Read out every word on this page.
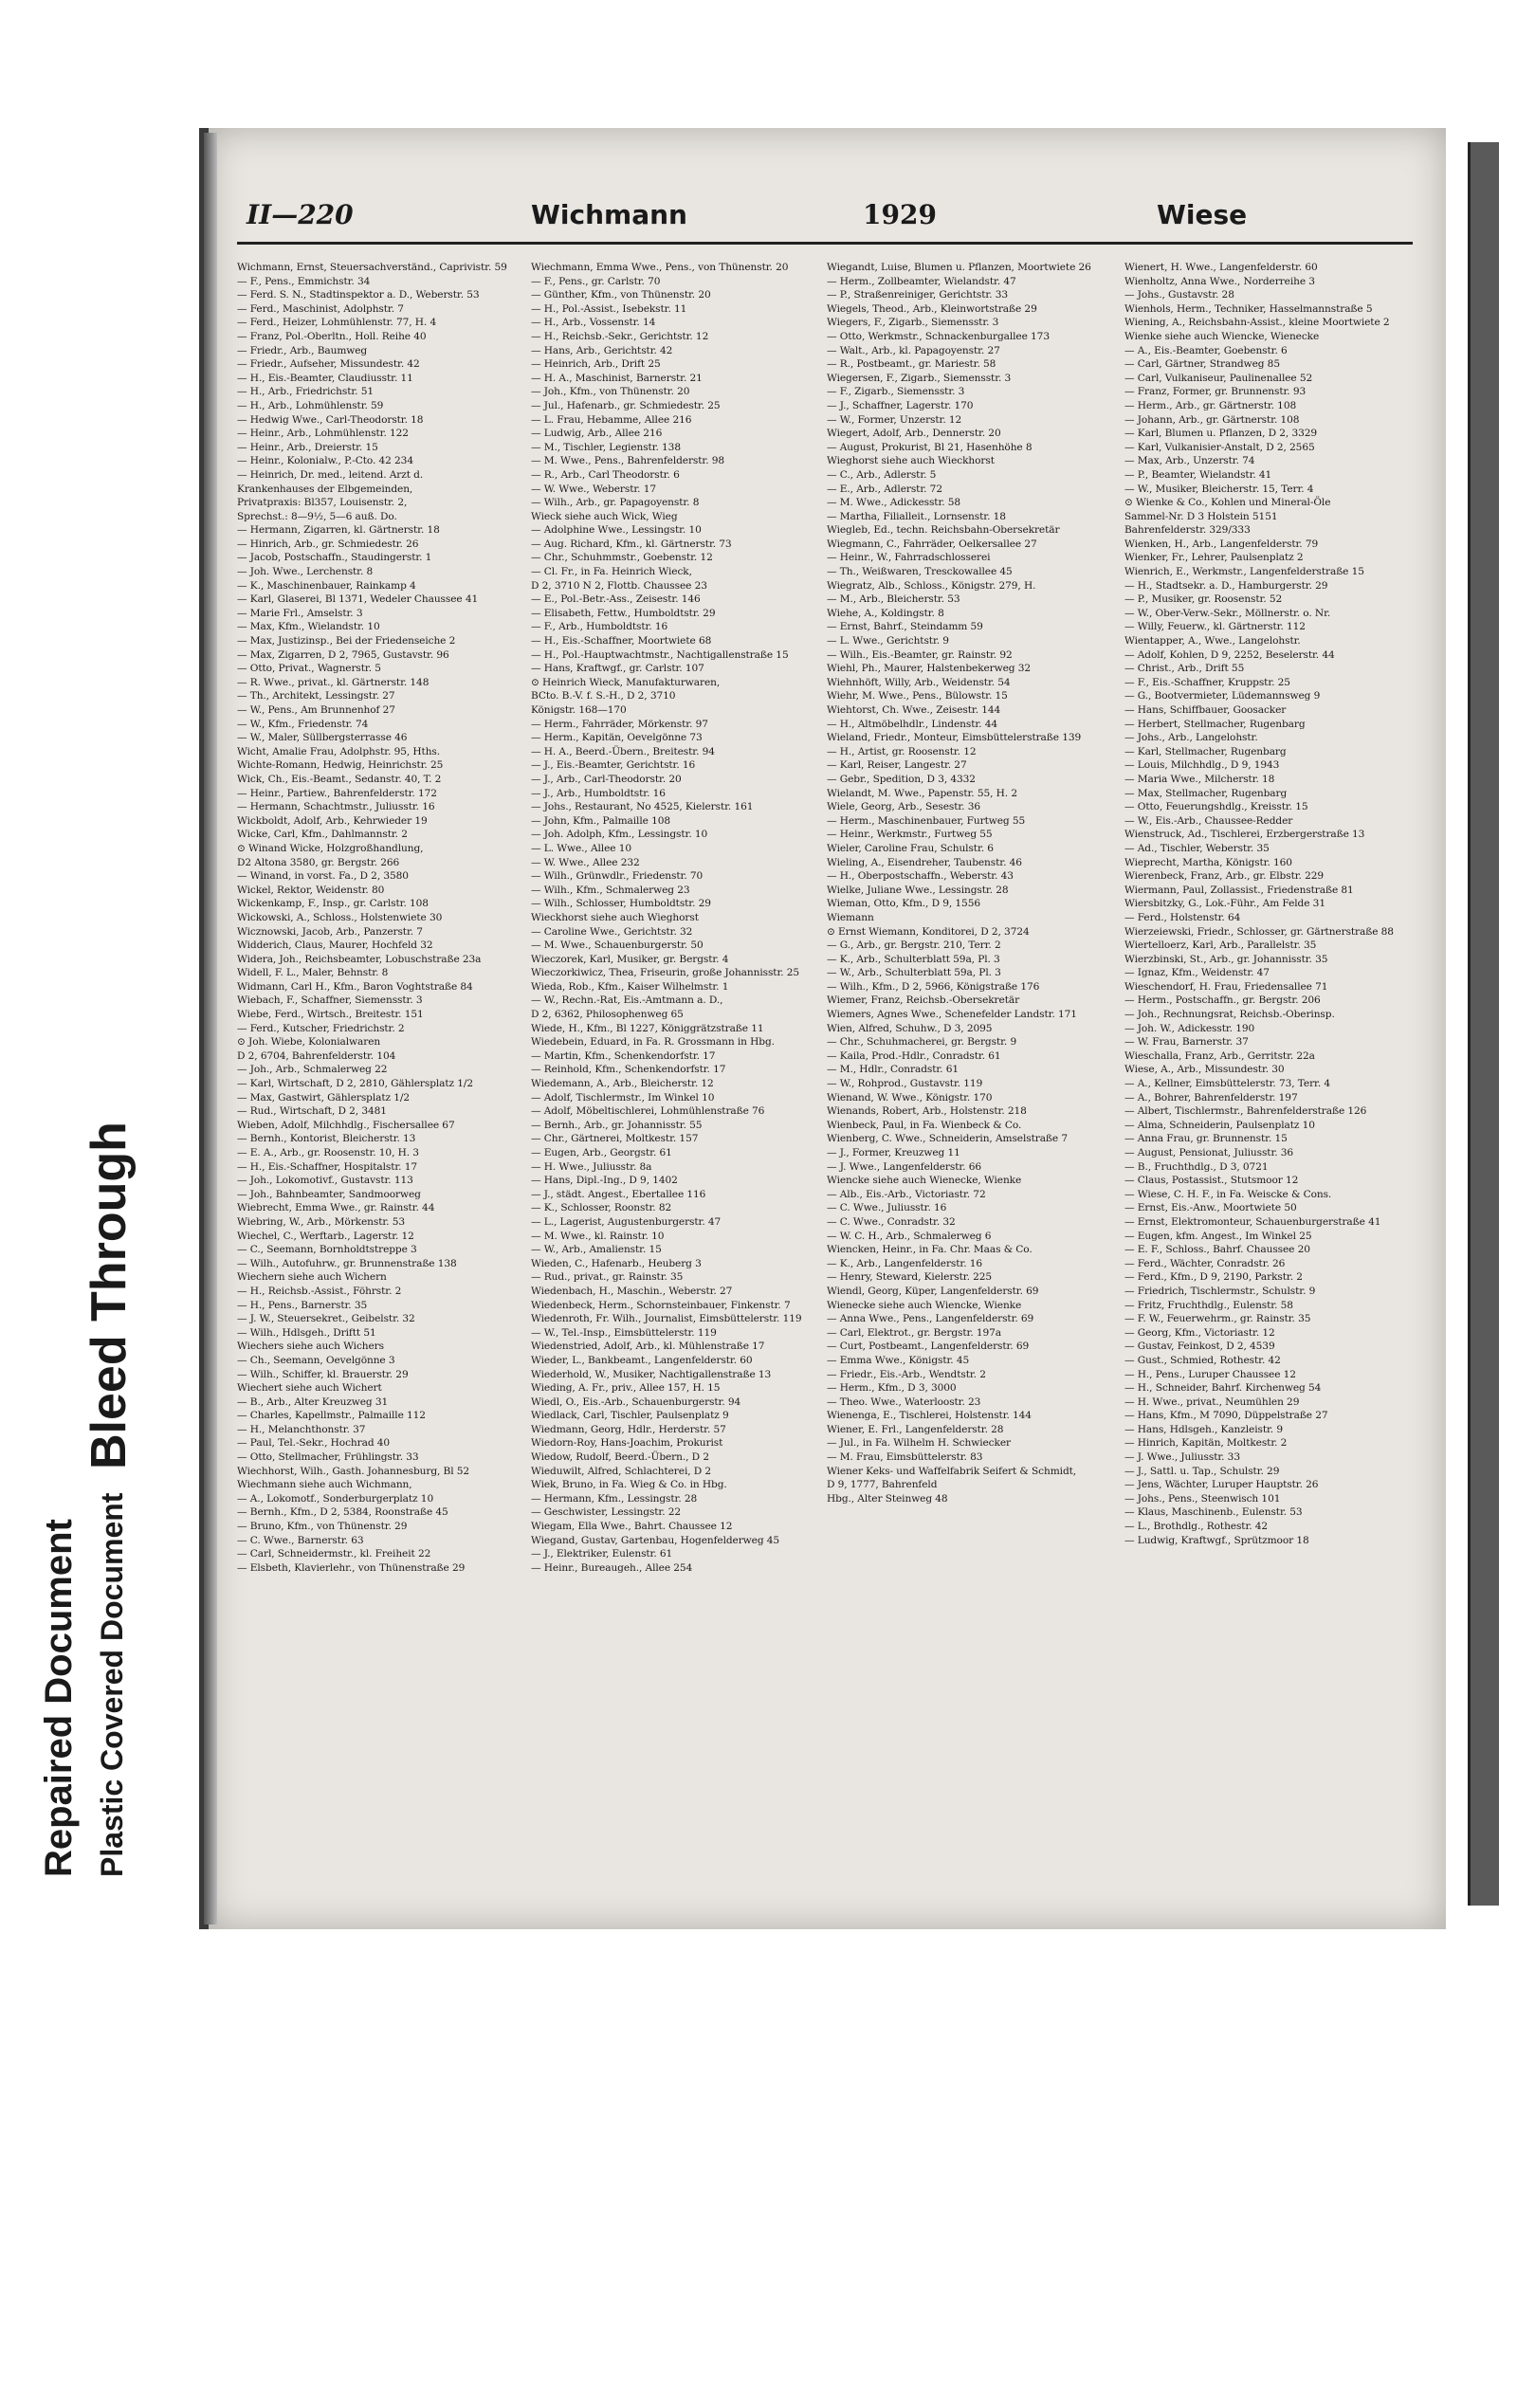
Bleed Through
Repaired Document Plastic Covered Document
II—220	Wichmann	1929	Wiese
Wichmann, Ernst, Steuersachverständ., Caprivistr. 59
— F., Pens., Emmichstr. 34
— Ferd. S. N., Stadtinspektor a. D., Weberstr. 53
— Ferd., Maschinist, Adolphstr. 7
— Ferd., Heizer, Lohmühlenstr. 77, H. 4
— Franz, Pol.-Oberltn., Holl. Reihe 40
— Friedr., Arb., Baumweg
— Friedr., Aufseher, Missundestr. 42
— H., Eis.-Beamter, Claudiusstr. 11
— H., Arb., Friedrichstr. 51
— H., Arb., Lohmühlenstr. 59
— Hedwig Wwe., Carl-Theodorstr. 18
— Heinr., Arb., Lohmühlenstr. 122
— Heinr., Arb., Dreierstr. 15
— Heinr., Kolonialw., P.-Cto. 42 234
— Heinrich, Dr. med., leitend. Arzt d.
Krankenhauses der Elbgemeinden,
Privatpraxis: Bl357, Louisenstr. 2,
Sprechst.: 8—9½, 5—6 auß. Do.
— Hermann, Zigarren, kl. Gärtnerstr. 18
— Hinrich, Arb., gr. Schmiedestr. 26
— Jacob, Postschaffn., Staudingerstr. 1
— Joh. Wwe., Lerchenstr. 8
— K., Maschinenbauer, Rainkamp 4
— Karl, Glaserei, Bl 1371, Wedeler Chaussee 41
— Marie Frl., Amselstr. 3
— Max, Kfm., Wielandstr. 10
— Max, Justizinsp., Bei der Friedenseiche 2
— Max, Zigarren, D 2, 7965, Gustavstr. 96
— Otto, Privat., Wagnerstr. 5
— R. Wwe., privat., kl. Gärtnerstr. 148
— Th., Architekt, Lessingstr. 27
— W., Pens., Am Brunnenhof 27
— W., Kfm., Friedenstr. 74
— W., Maler, Süllbergsterrasse 46
Wicht, Amalie Frau, Adolphstr. 95, Hths.
Wichte-Romann, Hedwig, Heinrichstr. 25
Wick, Ch., Eis.-Beamt., Sedanstr. 40, T. 2
— Heinr., Partiew., Bahrenfelderstr. 172
— Hermann, Schachtmstr., Juliusstr. 16
Wickboldt, Adolf, Arb., Kehrwieder 19
Wicke, Carl, Kfm., Dahlmannstr. 2
⊙ Winand Wicke, Holzgroßhandlung,
D2 Altona 3580, gr. Bergstr. 266
— Winand, in vorst. Fa., D 2, 3580
Wickel, Rektor, Weidenstr. 80
Wickenkamp, F., Insp., gr. Carlstr. 108
Wickowski, A., Schloss., Holstenwiete 30
Wicznowski, Jacob, Arb., Panzerstr. 7
Widderich, Claus, Maurer, Hochfeld 32
Widera, Joh., Reichsbeamter, Lobuschstraße 23a
Widell, F. L., Maler, Behnstr. 8
Widmann, Carl H., Kfm., Baron Voghtstraße 84
Wiebach, F., Schaffner, Siemensstr. 3
Wiebe, Ferd., Wirtsch., Breitestr. 151
— Ferd., Kutscher, Friedrichstr. 2
⊙ Joh. Wiebe, Kolonialwaren
D 2, 6704, Bahrenfelderstr. 104
— Joh., Arb., Schmalerweg 22
— Karl, Wirtschaft, D 2, 2810, Gählersplatz 1/2
— Max, Gastwirt, Gählersplatz 1/2
— Rud., Wirtschaft, D 2, 3481
Wieben, Adolf, Milchhdlg., Fischersallee 67
— Bernh., Kontorist, Bleicherstr. 13
— E. A., Arb., gr. Roosenstr. 10, H. 3
— H., Eis.-Schaffner, Hospitalstr. 17
— Joh., Lokomotivf., Gustavstr. 113
— Joh., Bahnbeamter, Sandmoorweg
Wiebrecht, Emma Wwe., gr. Rainstr. 44
Wiebring, W., Arb., Mörkenstr. 53
Wiechel, C., Werftarb., Lagerstr. 12
— C., Seemann, Bornholdtstreppe 3
— Wilh., Autofuhrw., gr. Brunnenstraße 138
Wiechern siehe auch Wichern
— H., Reichsb.-Assist., Föhrstr. 2
— H., Pens., Barnerstr. 35
— J. W., Steuersekret., Geibelstr. 32
— Wilh., Hdlsgeh., Driftt 51
Wiechers siehe auch Wichers
— Ch., Seemann, Oevelgönne 3
— Wilh., Schiffer, kl. Brauerstr. 29
Wiechert siehe auch Wichert
— B., Arb., Alter Kreuzweg 31
— Charles, Kapellmstr., Palmaille 112
— H., Melanchthonstr. 37
— Paul, Tel.-Sekr., Hochrad 40
— Otto, Stellmacher, Frühlingstr. 33
Wiechhorst, Wilh., Gasth. Johannesburg, Bl 52
Wiechmann siehe auch Wichmann,
— A., Lokomotf., Sonderburgerplatz 10
— Bernh., Kfm., D 2, 5384, Roonstraße 45
— Bruno, Kfm., von Thünenstr. 29
— C. Wwe., Barnerstr. 63
— Carl, Schneidermstr., kl. Freiheit 22
— Elsbeth, Klavierlehr., von Thünenstraße 29
Wiechmann, Emma Wwe., Pens., von Thünenstr. 20
— F., Pens., gr. Carlstr. 70
— Günther, Kfm., von Thünenstr. 20
— H., Pol.-Assist., Isebekstr. 11
— H., Arb., Vossenstr. 14
— H., Reichsb.-Sekr., Gerichtstr. 12
— Hans, Arb., Gerichtstr. 42
— Heinrich, Arb., Drift 25
— H. A., Maschinist, Barnerstr. 21
— Joh., Kfm., von Thünenstr. 20
— Jul., Hafenarb., gr. Schmiedestr. 25
— L. Frau, Hebamme, Allee 216
— Ludwig, Arb., Allee 216
— M., Tischler, Legienstr. 138
— M. Wwe., Pens., Bahrenfelderstr. 98
— R., Arb., Carl Theodorstr. 6
— W. Wwe., Weberstr. 17
— Wilh., Arb., gr. Papagoyenstr. 8
Wieck siehe auch Wick, Wieg
— Adolphine Wwe., Lessingstr. 10
— Aug. Richard, Kfm., kl. Gärtnerstr. 73
— Chr., Schuhmmstr., Goebenstr. 12
— Cl. Fr., in Fa. Heinrich Wieck,
D 2, 3710 N 2, Flottb. Chaussee 23
— E., Pol.-Betr.-Ass., Zeisestr. 146
— Elisabeth, Fettw., Humboldtstr. 29
— F., Arb., Humboldtstr. 16
— H., Eis.-Schaffner, Moortwiete 68
— H., Pol.-Hauptwachtmstr., Nachtigallenstraße 15
— Hans, Kraftwgf., gr. Carlstr. 107
⊙ Heinrich Wieck, Manufakturwaren,
BCto. B.-V. f. S.-H., D 2, 3710
Königstr. 168—170
— Herm., Fahrräder, Mörkenstr. 97
— Herm., Kapitän, Oevelgönne 73
— H. A., Beerd.-Übern., Breitestr. 94
— J., Eis.-Beamter, Gerichtstr. 16
— J., Arb., Carl-Theodorstr. 20
— J., Arb., Humboldtstr. 16
— Johs., Restaurant, No 4525, Kielerstr. 161
— John, Kfm., Palmaille 108
— Joh. Adolph, Kfm., Lessingstr. 10
— L. Wwe., Allee 10
— W. Wwe., Allee 232
— Wilh., Grünwdlr., Friedenstr. 70
— Wilh., Kfm., Schmalerweg 23
— Wilh., Schlosser, Humboldtstr. 29
Wieckhorst siehe auch Wieghorst
— Caroline Wwe., Gerichtstr. 32
— M. Wwe., Schauenburgerstr. 50
Wieczorek, Karl, Musiker, gr. Bergstr. 4
Wieczorkiwicz, Thea, Friseurin, große Johannisstr. 25
Wieda, Rob., Kfm., Kaiser Wilhelmstr. 1
— W., Rechn.-Rat, Eis.-Amtmann a. D.,
D 2, 6362, Philosophenweg 65
Wiede, H., Kfm., Bl 1227, Königgrätzstraße 11
Wiedebein, Eduard, in Fa. R. Grossmann in Hbg.
— Martin, Kfm., Schenkendorfstr. 17
— Reinhold, Kfm., Schenkendorfstr. 17
Wiedemann, A., Arb., Bleicherstr. 12
— Adolf, Tischlermstr., Im Winkel 10
— Adolf, Möbeltischlerei, Lohmühlenstraße 76
— Bernh., Arb., gr. Johannisstr. 55
— Chr., Gärtnerei, Moltkestr. 157
— Eugen, Arb., Georgstr. 61
— H. Wwe., Juliusstr. 8a
— Hans, Dipl.-Ing., D 9, 1402
— J., städt. Angest., Ebertallee 116
— K., Schlosser, Roonstr. 82
— L., Lagerist, Augustenburgerstr. 47
— M. Wwe., kl. Rainstr. 10
— W., Arb., Amalienstr. 15
Wieden, C., Hafenarb., Heuberg 3
— Rud., privat., gr. Rainstr. 35
Wiedenbach, H., Maschin., Weberstr. 27
Wiedenbeck, Herm., Schornsteinbauer, Finkenstr. 7
Wiedenroth, Fr. Wilh., Journalist, Eimsbüttelerstr. 119
— W., Tel.-Insp., Eimsbüttelerstr. 119
Wiedenstried, Adolf, Arb., kl. Mühlenstraße 17
Wieder, L., Bankbeamt., Langenfelderstr. 60
Wiederhold, W., Musiker, Nachtigallenstraße 13
Wieding, A. Fr., priv., Allee 157, H. 15
Wiedl, O., Eis.-Arb., Schauenburgerstr. 94
Wiedlack, Carl, Tischler, Paulsenplatz 9
Wiedmann, Georg, Hdlr., Herderstr. 57
Wiedorn-Roy, Hans-Joachim, Prokurist
Wiedow, Rudolf, Beerd.-Übern., D 2
Wieduwilt, Alfred, Schlachterei, D 2
Wiek, Bruno, in Fa. Wieg & Co. in Hbg.
— Hermann, Kfm., Lessingstr. 28
— Geschwister, Lessingstr. 22
Wiegam, Ella Wwe., Bahrt. Chaussee 12
Wiegand, Gustav, Gartenbau, Hogenfelderweg 45
— J., Elektriker, Eulenstr. 61
— Heinr., Bureaugeh., Allee 254
Wiegandt, Luise, Blumen u. Pflanzen, Moortwiete 26
— Herm., Zollbeamter, Wielandstr. 47
— P., Straßenreiniger, Gerichtstr. 33
Wiegels, Theod., Arb., Kleinwortstraße 29
Wiegers, F., Zigarb., Siemensstr. 3
— Otto, Werkmstr., Schnackenburgallee 173
— Walt., Arb., kl. Papagoyenstr. 27
— R., Postbeamt., gr. Mariestr. 58
Wiegersen, F., Zigarb., Siemensstr. 3
— F., Zigarb., Siemensstr. 3
— J., Schaffner, Lagerstr. 170
— W., Former, Unzerstr. 12
Wiegert, Adolf, Arb., Dennerstr. 20
— August, Prokurist, Bl 21, Hasenhöhe 8
Wieghorst siehe auch Wieckhorst
— C., Arb., Adlerstr. 5
— E., Arb., Adlerstr. 72
— M. Wwe., Adickesstr. 58
— Martha, Filialleit., Lornsenstr. 18
Wiegleb, Ed., techn. Reichsbahn-Obersekretär
Wiegmann, C., Fahrräder, Oelkersallee 27
— Heinr., W., Fahrradschlosserei
— Th., Weißwaren, Tresckowallee 45
Wiegratz, Alb., Schloss., Königstr. 279, H.
— M., Arb., Bleicherstr. 53
Wiehe, A., Koldingstr. 8
— Ernst, Bahrf., Steindamm 59
— L. Wwe., Gerichtstr. 9
— Wilh., Eis.-Beamter, gr. Rainstr. 92
Wiehl, Ph., Maurer, Halstenbekerweg 32
Wiehnhöft, Willy, Arb., Weidenstr. 54
Wiehr, M. Wwe., Pens., Bülowstr. 15
Wiehtorst, Ch. Wwe., Zeisestr. 144
— H., Altmöbelhdlr., Lindenstr. 44
Wieland, Friedr., Monteur, Eimsbüttelerstraße 139
— H., Artist, gr. Roosenstr. 12
— Karl, Reiser, Langestr. 27
— Gebr., Spedition, D 3, 4332
Wielandt, M. Wwe., Papenstr. 55, H. 2
Wiele, Georg, Arb., Sesestr. 36
— Herm., Maschinenbauer, Furtweg 55
— Heinr., Werkmstr., Furtweg 55
Wieler, Caroline Frau, Schulstr. 6
Wieling, A., Eisendreher, Taubenstr. 46
— H., Oberpostschaffn., Weberstr. 43
Wielke, Juliane Wwe., Lessingstr. 28
Wieman, Otto, Kfm., D 9, 1556
Wiemann
⊙ Ernst Wiemann, Konditorei, D 2, 3724
— G., Arb., gr. Bergstr. 210, Terr. 2
— K., Arb., Schulterblatt 59a, Pl. 3
— W., Arb., Schulterblatt 59a, Pl. 3
— Wilh., Kfm., D 2, 5966, Königstraße 176
Wiemer, Franz, Reichsb.-Obersekretär
Wiemers, Agnes Wwe., Schenefelder Landstr. 171
Wien, Alfred, Schuhw., D 3, 2095
— Chr., Schuhmacherei, gr. Bergstr. 9
— Kaila, Prod.-Hdlr., Conradstr. 61
— M., Hdlr., Conradstr. 61
— W., Rohprod., Gustavstr. 119
Wienand, W. Wwe., Königstr. 170
Wienands, Robert, Arb., Holstenstr. 218
Wienbeck, Paul, in Fa. Wienbeck & Co.
Wienberg, C. Wwe., Schneiderin, Amselstraße 7
— J., Former, Kreuzweg 11
— J. Wwe., Langenfelderstr. 66
Wiencke siehe auch Wienecke, Wienke
— Alb., Eis.-Arb., Victoriastr. 72
— C. Wwe., Juliusstr. 16
— C. Wwe., Conradstr. 32
— W. C. H., Arb., Schmalerweg 6
Wiencken, Heinr., in Fa. Chr. Maas & Co.
— K., Arb., Langenfelderstr. 16
— Henry, Steward, Kielerstr. 225
Wiendl, Georg, Küper, Langenfelderstr. 69
Wienecke siehe auch Wiencke, Wienke
— Anna Wwe., Pens., Langenfelderstr. 69
— Carl, Elektrot., gr. Bergstr. 197a
— Curt, Postbeamt., Langenfelderstr. 69
— Emma Wwe., Königstr. 45
— Friedr., Eis.-Arb., Wendtstr. 2
— Herm., Kfm., D 3, 3000
— Theo. Wwe., Waterloostr. 23
Wienenga, E., Tischlerei, Holstenstr. 144
Wiener, E. Frl., Langenfelderstr. 28
— Jul., in Fa. Wilhelm H. Schwiecker
— M. Frau, Eimsbüttelerstr. 83
Wiener Keks- und Waffelfabrik Seifert & Schmidt,
D 9, 1777, Bahrenfeld
Hbg., Alter Steinweg 48
Wienert, H. Wwe., Langenfelderstr. 60
Wienholtz, Anna Wwe., Norderreihe 3
— Johs., Gustavstr. 28
Wienhols, Herm., Techniker, Hasselmannstraße 5
Wiening, A., Reichsbahn-Assist., kleine Moortwiete 2
Wienke siehe auch Wiencke, Wienecke
— A., Eis.-Beamter, Goebenstr. 6
— Carl, Gärtner, Strandweg 85
— Carl, Vulkaniseur, Paulinenallee 52
— Franz, Former, gr. Brunnenstr. 93
— Herm., Arb., gr. Gärtnerstr. 108
— Johann, Arb., gr. Gärtnerstr. 108
— Karl, Blumen u. Pflanzen, D 2, 3329
— Karl, Vulkanisier-Anstalt, D 2, 2565
— Max, Arb., Unzerstr. 74
— P., Beamter, Wielandstr. 41
— W., Musiker, Bleicherstr. 15, Terr. 4
⊙ Wienke & Co., Kohlen und Mineral-Öle
Sammel-Nr. D 3 Holstein 5151
Bahrenfelderstr. 329/333
Wienken, H., Arb., Langenfelderstr. 79
Wienker, Fr., Lehrer, Paulsenplatz 2
Wienrich, E., Werkmstr., Langenfelderstraße 15
— H., Stadtsekr. a. D., Hamburgerstr. 29
— P., Musiker, gr. Roosenstr. 52
— W., Ober-Verw.-Sekr., Möllnerstr. o. Nr.
— Willy, Feuerw., kl. Gärtnerstr. 112
Wientapper, A., Wwe., Langelohstr.
— Adolf, Kohlen, D 9, 2252, Beselerstr. 44
— Christ., Arb., Drift 55
— F., Eis.-Schaffner, Kruppstr. 25
— G., Bootvermieter, Lüdemannsweg 9
— Hans, Schiffbauer, Goosacker
— Herbert, Stellmacher, Rugenbarg
— Johs., Arb., Langelohstr.
— Karl, Stellmacher, Rugenbarg
— Louis, Milchhdlg., D 9, 1943
— Maria Wwe., Milcherstr. 18
— Max, Stellmacher, Rugenbarg
— Otto, Feuerungshdlg., Kreisstr. 15
— W., Eis.-Arb., Chaussee-Redder
Wienstruck, Ad., Tischlerei, Erzbergerstraße 13
— Ad., Tischler, Weberstr. 35
Wieprecht, Martha, Königstr. 160
Wierenbeck, Franz, Arb., gr. Elbstr. 229
Wiermann, Paul, Zollassist., Friedenstraße 81
Wiersbitzky, G., Lok.-Führ., Am Felde 31
— Ferd., Holstenstr. 64
Wierzeiewski, Friedr., Schlosser, gr. Gärtnerstraße 88
Wiertelloerz, Karl, Arb., Parallelstr. 35
Wierzbinski, St., Arb., gr. Johannisstr. 35
— Ignaz, Kfm., Weidenstr. 47
Wieschendorf, H. Frau, Friedensallee 71
— Herm., Postschaffn., gr. Bergstr. 206
— Joh., Rechnungsrat, Reichsb.-Oberinsp.
— Joh. W., Adickesstr. 190
— W. Frau, Barnerstr. 37
Wieschalla, Franz, Arb., Gerritstr. 22a
Wiese, A., Arb., Missundestr. 30
— A., Kellner, Eimsbüttelerstr. 73, Terr. 4
— A., Bohrer, Bahrenfelderstr. 197
— Albert, Tischlermstr., Bahrenfelderstraße 126
— Alma, Schneiderin, Paulsenplatz 10
— Anna Frau, gr. Brunnenstr. 15
— August, Pensionat, Juliusstr. 36
— B., Fruchthdlg., D 3, 0721
— Claus, Postassist., Stutsmoor 12
— Wiese, C. H. F., in Fa. Weiscke & Cons.
— Ernst, Eis.-Anw., Moortwiete 50
— Ernst, Elektromonteur, Schauenburgerstraße 41
— Eugen, kfm. Angest., Im Winkel 25
— E. F., Schloss., Bahrf. Chaussee 20
— Ferd., Wächter, Conradstr. 26
— Ferd., Kfm., D 9, 2190, Parkstr. 2
— Friedrich, Tischlermstr., Schulstr. 9
— Fritz, Fruchthdlg., Eulenstr. 58
— F. W., Feuerwehrm., gr. Rainstr. 35
— Georg, Kfm., Victoriastr. 12
— Gustav, Feinkost, D 2, 4539
— Gust., Schmied, Rothestr. 42
— H., Pens., Luruper Chaussee 12
— H., Schneider, Bahrf. Kirchenweg 54
— H. Wwe., privat., Neumühlen 29
— Hans, Kfm., M 7090, Düppelstraße 27
— Hans, Hdlsgeh., Kanzleistr. 9
— Hinrich, Kapitän, Moltkestr. 2
— J. Wwe., Juliusstr. 33
— J., Sattl. u. Tap., Schulstr. 29
— Jens, Wächter, Luruper Hauptstr. 26
— Johs., Pens., Steenwisch 101
— Klaus, Maschinenb., Eulenstr. 53
— L., Brothdlg., Rothestr. 42
— Ludwig, Kraftwgf., Sprützmoor 18
